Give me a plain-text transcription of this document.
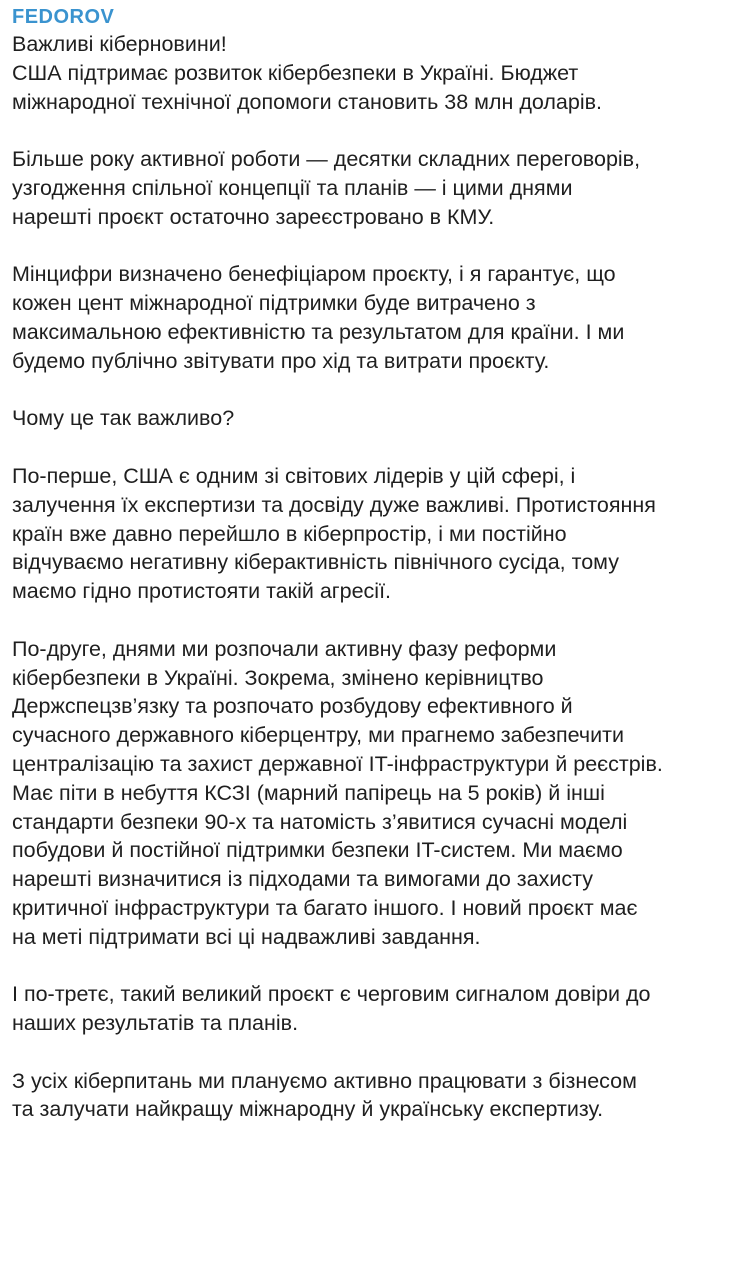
FEDOROV
Важливі кіберновини!
США підтримає розвиток кібербезпеки в Україні. Бюджет
міжнародної технічної допомоги становить 38 млн доларів.
Більше року активної роботи — десятки складних переговорів,
узгодження спільної концепції та планів — і цими днями
нарешті проєкт остаточно зареєстровано в КМУ.
Мінцифри визначено бенефіціаром проєкту, і я гарантує, що
кожен цент міжнародної підтримки буде витрачено з
максимальною ефективністю та результатом для країни. І ми
будемо публічно звітувати про хід та витрати проєкту.
Чому це так важливо?
По-перше, США є одним зі світових лідерів у цій сфері, і
залучення їх експертизи та досвіду дуже важливі. Протистояння
країн вже давно перейшло в кіберпростір, і ми постійно
відчуваємо негативну кіберактивність північного сусіда, тому
маємо гідно протистояти такій агресії.
По-друге, днями ми розпочали активну фазу реформи
кібербезпеки в Україні. Зокрема, змінено керівництво
Держспецзв’язку та розпочато розбудову ефективного й
сучасного державного кіберцентру, ми прагнемо забезпечити
централізацію та захист державної IT-інфраструктури й реєстрів.
Має піти в небуття КСЗІ (марний папірець на 5 років) й інші
стандарти безпеки 90-х та натомість з’явитися сучасні моделі
побудови й постійної підтримки безпеки IT-систем. Ми маємо
нарешті визначитися із підходами та вимогами до захисту
критичної інфраструктури та багато іншого. І новий проєкт має
на меті підтримати всі ці надважливі завдання.
І по-третє, такий великий проєкт є черговим сигналом довіри до
наших результатів та планів.
З усіх кіберпитань ми плануємо активно працювати з бізнесом
та залучати найкращу міжнародну й українську експертизу.
